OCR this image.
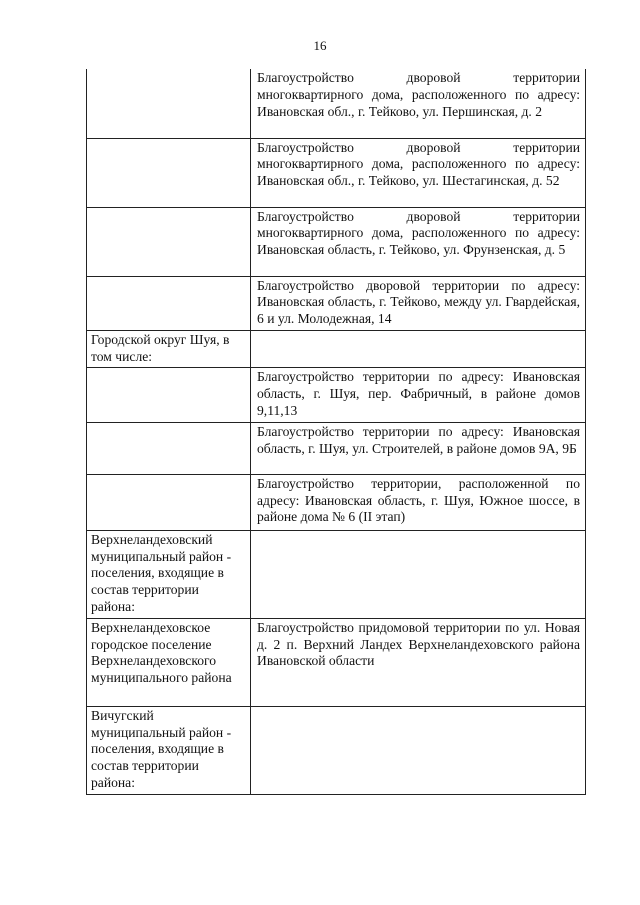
16
	Благоустройство дворовой территории многоквартирного дома, расположенного по адресу: Ивановская обл., г. Тейково, ул. Першинская, д. 2
	Благоустройство дворовой территории многоквартирного дома, расположенного по адресу: Ивановская обл., г. Тейково, ул. Шестагинская, д. 52
	Благоустройство дворовой территории многоквартирного дома, расположенного по адресу: Ивановская область, г. Тейково, ул. Фрунзенская, д. 5
	Благоустройство дворовой территории по адресу: Ивановская область, г. Тейково, между ул. Гвардейская, 6 и ул. Молодежная, 14
Городской округ Шуя, в том числе:	
	Благоустройство территории по адресу: Ивановская область, г. Шуя, пер. Фабричный, в районе домов 9,11,13
	Благоустройство территории по адресу: Ивановская область, г. Шуя, ул. Строителей, в районе домов 9А, 9Б
	Благоустройство территории, расположенной по адресу: Ивановская область, г. Шуя, Южное шоссе, в районе дома № 6 (II этап)
Верхнеландеховский муниципальный район - поселения, входящие в состав территории района:	
Верхнеландеховское городское поселение Верхнеландеховского муниципального района	Благоустройство придомовой территории по ул. Новая д. 2 п. Верхний Ландех Верхнеландеховского района Ивановской области
Вичугский муниципальный район - поселения, входящие в состав территории района:	
